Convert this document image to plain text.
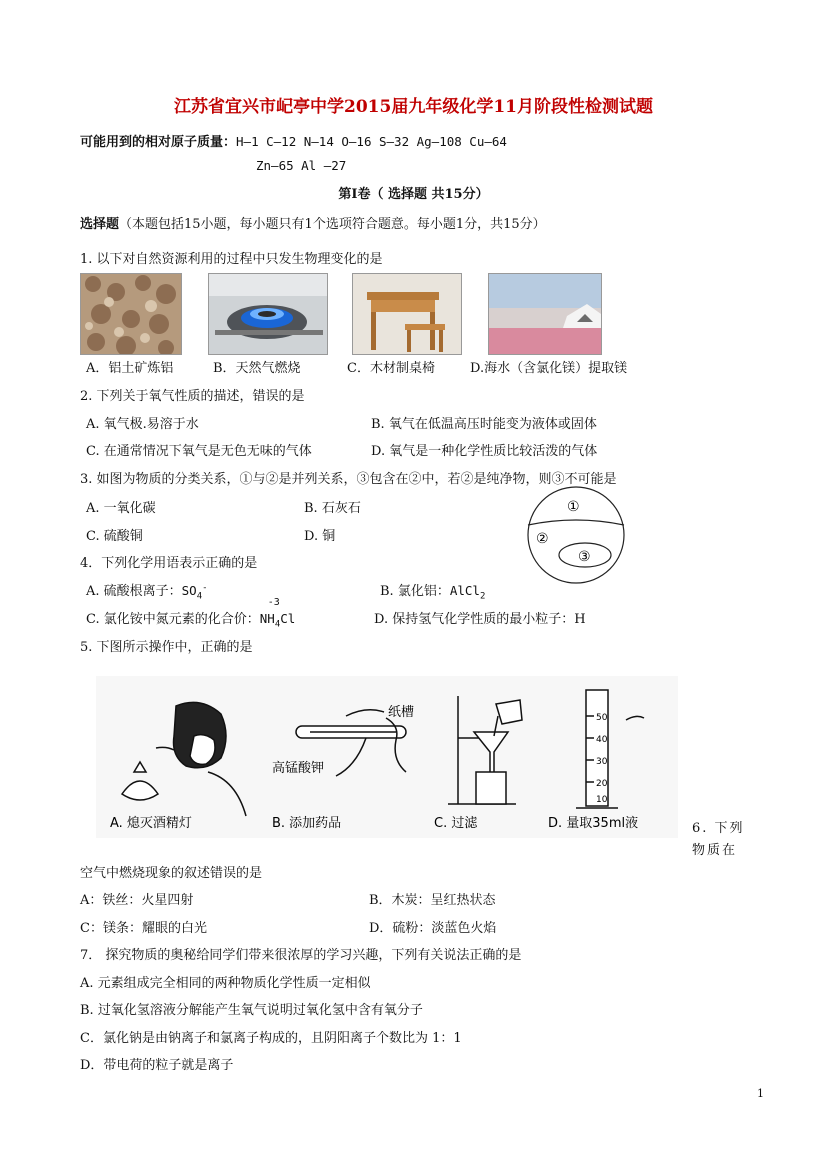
江苏省宜兴市屺亭中学2015届九年级化学11月阶段性检测试题
可能用到的相对原子质量：H—1 C—12 N—14 O—16 S—32 Ag—108 Cu—64
Zn—65 Al —27
第Ⅰ卷（ 选择题 共15分）
选择题（本题包括15小题，每小题只有1个选项符合题意。每小题1分，共15分）
1. 以下对自然资源利用的过程中只发生物理变化的是
A．铝土矿炼铝	B．天然气燃烧	C．木材制桌椅	D.海水（含氯化镁）提取镁
2. 下列关于氧气性质的描述，错误的是
A. 氧气极.易溶于水	B. 氧气在低温高压时能变为液体或固体
C. 在通常情况下氧气是无色无味的气体	D. 氧气是一种化学性质比较活泼的气体
3. 如图为物质的分类关系，①与②是并列关系，③包含在②中，若②是纯净物，则③不可能是
A. 一氧化碳	B. 石灰石
C. 硫酸铜	D. 铜
①
②
③
4．下列化学用语表示正确的是
A. 硫酸根离子：$SO_4^-$	B. 氯化铝：AlCl$_2$
C. 氯化铵中氮元素的化合价：
-3
$NH_4Cl$	D. 保持氢气化学性质的最小粒子：H
5. 下图所示操作中，正确的是
A. 熄灭酒精灯
纸槽
高锰酸钾
B. 添加药品	C. 过滤
50
40
30
20
10
D. 量取35ml液	6. 下列
物质在
空气中燃烧现象的叙述错误的是
A：铁丝：火星四射	B．木炭：呈红热状态
C：镁条：耀眼的白光	D．硫粉：淡蓝色火焰
7． 探究物质的奥秘给同学们带来很浓厚的学习兴趣，下列有关说法正确的是
A. 元素组成完全相同的两种物质化学性质一定相似
B. 过氧化氢溶液分解能产生氧气说明过氧化氢中含有氧分子
C．氯化钠是由钠离子和氯离子构成的，且阴阳离子个数比为 1：1
D．带电荷的粒子就是离子
1
